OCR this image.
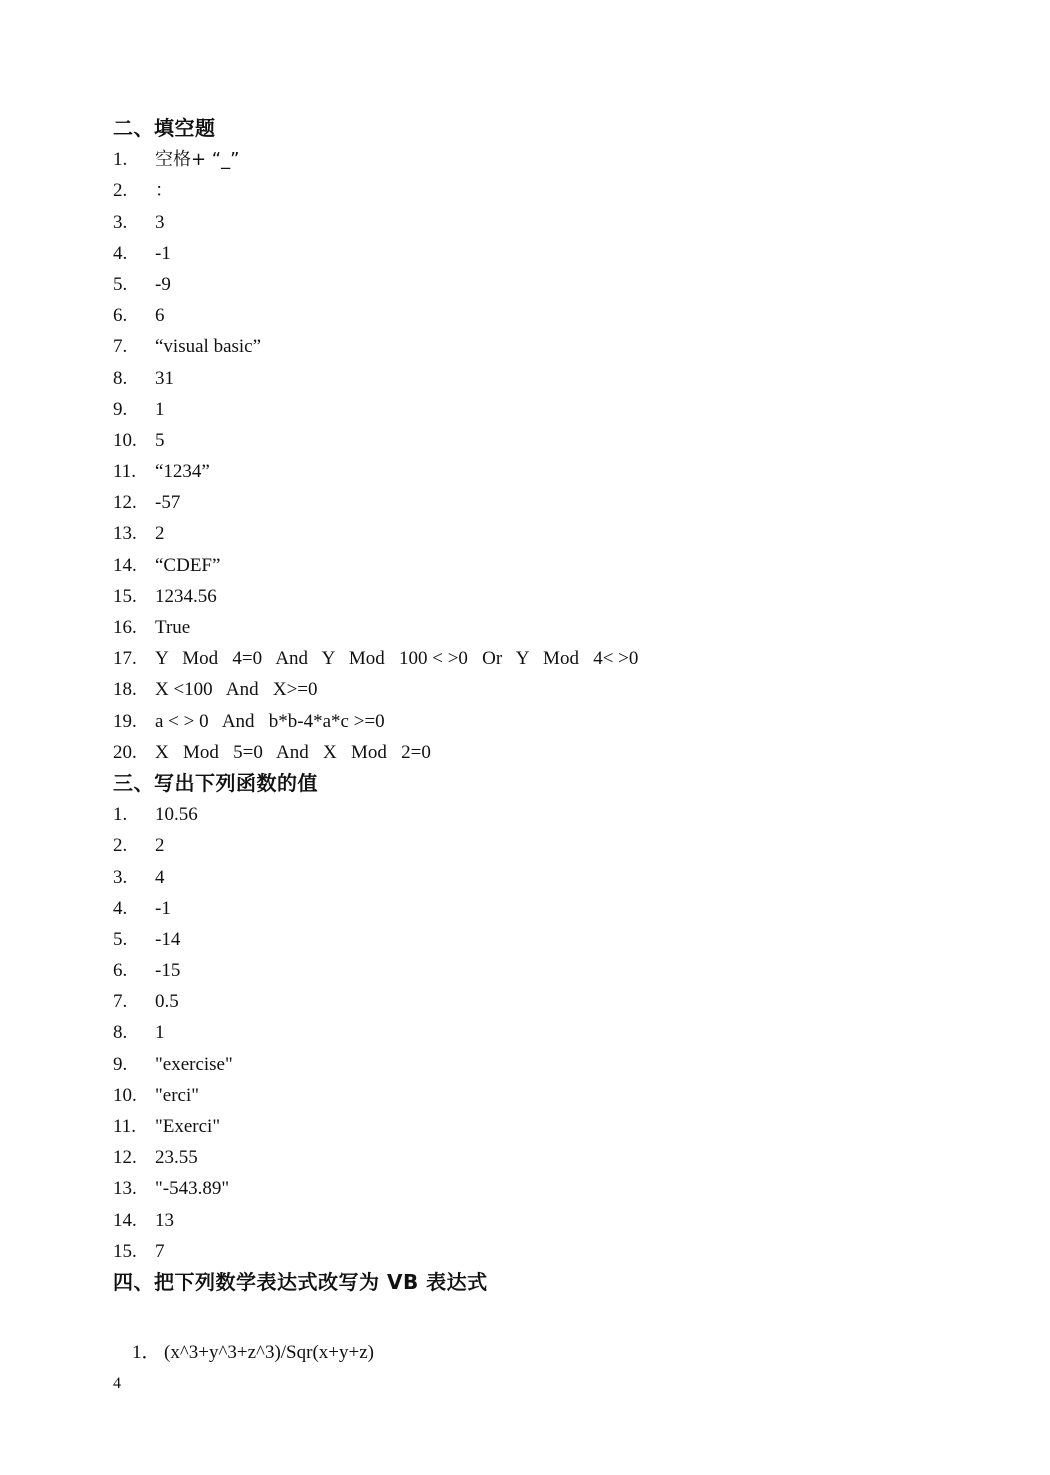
二、填空题
1. 空格+ “_”
2. ：
3. 3
4. -1
5. -9
6. 6
7. “visual basic”
8. 31
9. 1
10. 5
11. “1234”
12. -57
13. 2
14. “CDEF”
15. 1234.56
16. True
17. Y   Mod   4=0   And   Y   Mod   100 < >0   Or   Y   Mod   4< >0
18. X <100   And   X>=0
19. a < > 0   And   b*b-4*a*c >=0
20. X   Mod   5=0   And   X   Mod   2=0
三、写出下列函数的值
1. 10.56
2. 2
3. 4
4. -1
5. -14
6. -15
7. 0.5
8. 1
9. "exercise"
10. "erci"
11. "Exerci"
12. 23.55
13. "-543.89"
14. 13
15. 7
四、把下列数学表达式改写为 VB 表达式

1． (x^3+y^3+z^3)/Sqr(x+y+z)

4
